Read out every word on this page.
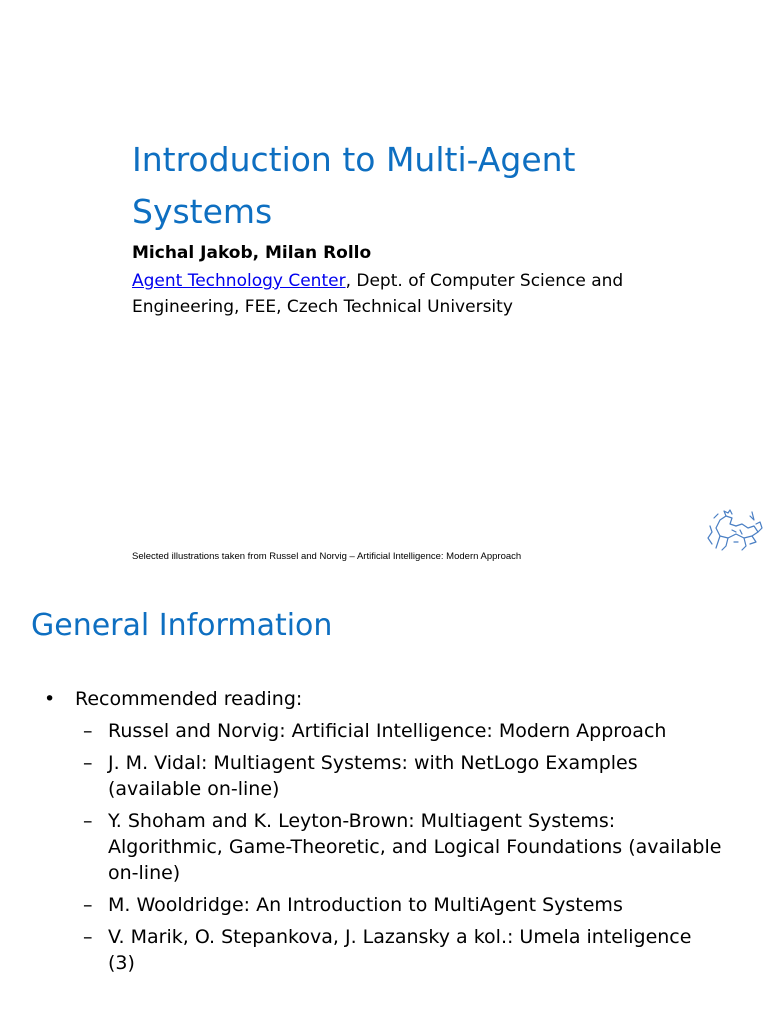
Introduction to Multi-Agent Systems

Michal Jakob, Milan Rollo

Agent Technology Center, Dept. of Computer Science and Engineering, FEE, Czech Technical University

Selected illustrations taken from Russel and Norvig – Artificial Intelligence: Modern Approach

General Information
•	Recommended reading:
– Russel and Norvig: Artificial Intelligence: Modern Approach
– J. M. Vidal: Multiagent Systems: with NetLogo Examples (available on-line)
– Y. Shoham and K. Leyton-Brown: Multiagent Systems: Algorithmic, Game-Theoretic, and Logical Foundations (available on-line)
– M. Wooldridge: An Introduction to MultiAgent Systems
– V. Marik, O. Stepankova, J. Lazansky a kol.: Umela inteligence (3)
